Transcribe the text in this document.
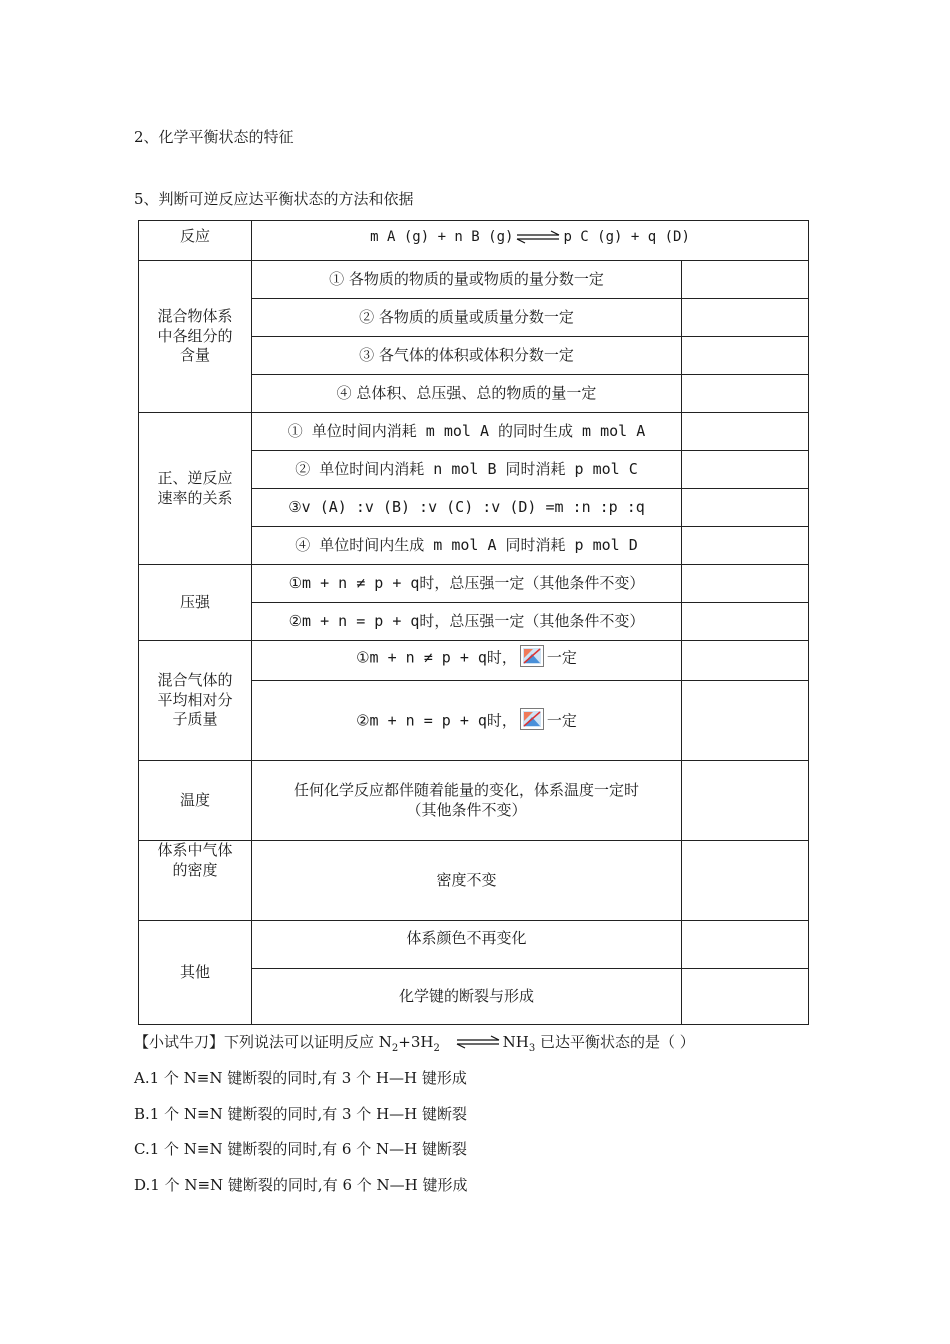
2、化学平衡状态的特征
5、判断可逆反应达平衡状态的方法和依据
反应	m A (g) + n B (g) ⇌ p C (g) + q (D)	

混合物体系
中各组分的
含量	① 各物质的物质的量或物质的量分数一定	
	② 各物质的质量或质量分数一定	
	③ 各气体的体积或体积分数一定	
	④ 总体积、总压强、总的物质的量一定	

正、逆反应
速率的关系	① 单位时间内消耗 m mol A 的同时生成 m mol A	
	② 单位时间内消耗 n mol B 同时消耗 p mol C	
	③v (A) :v (B) :v (C) :v (D) =m :n :p :q	
	④ 单位时间内生成 m mol A 同时消耗 p mol D	
压强	①m + n ≠ p + q时，总压强一定（其他条件不变）	
	②m + n = p + q时，总压强一定（其他条件不变）	

混合气体的
平均相对分
子质量	①m + n ≠ p + q时， 一定	
	②m + n = p + q时， 一定	
温度	任何化学反应都伴随着能量的变化，体系温度一定时
（其他条件不变）	

体系中气体
的密度	密度不变	
其他	体系颜色不再变化	
	化学键的断裂与形成	
【小试牛刀】下列说法可以证明反应 $N_2+3H_2$ ⇌ $NH_3$ 已达平衡状态的是（ ）
A.1 个 N≡N 键断裂的同时,有 3 个 H—H 键形成
B.1 个 N≡N 键断裂的同时,有 3 个 H—H 键断裂
C.1 个 N≡N 键断裂的同时,有 6 个 N—H 键断裂
D.1 个 N≡N 键断裂的同时,有 6 个 N—H 键形成
